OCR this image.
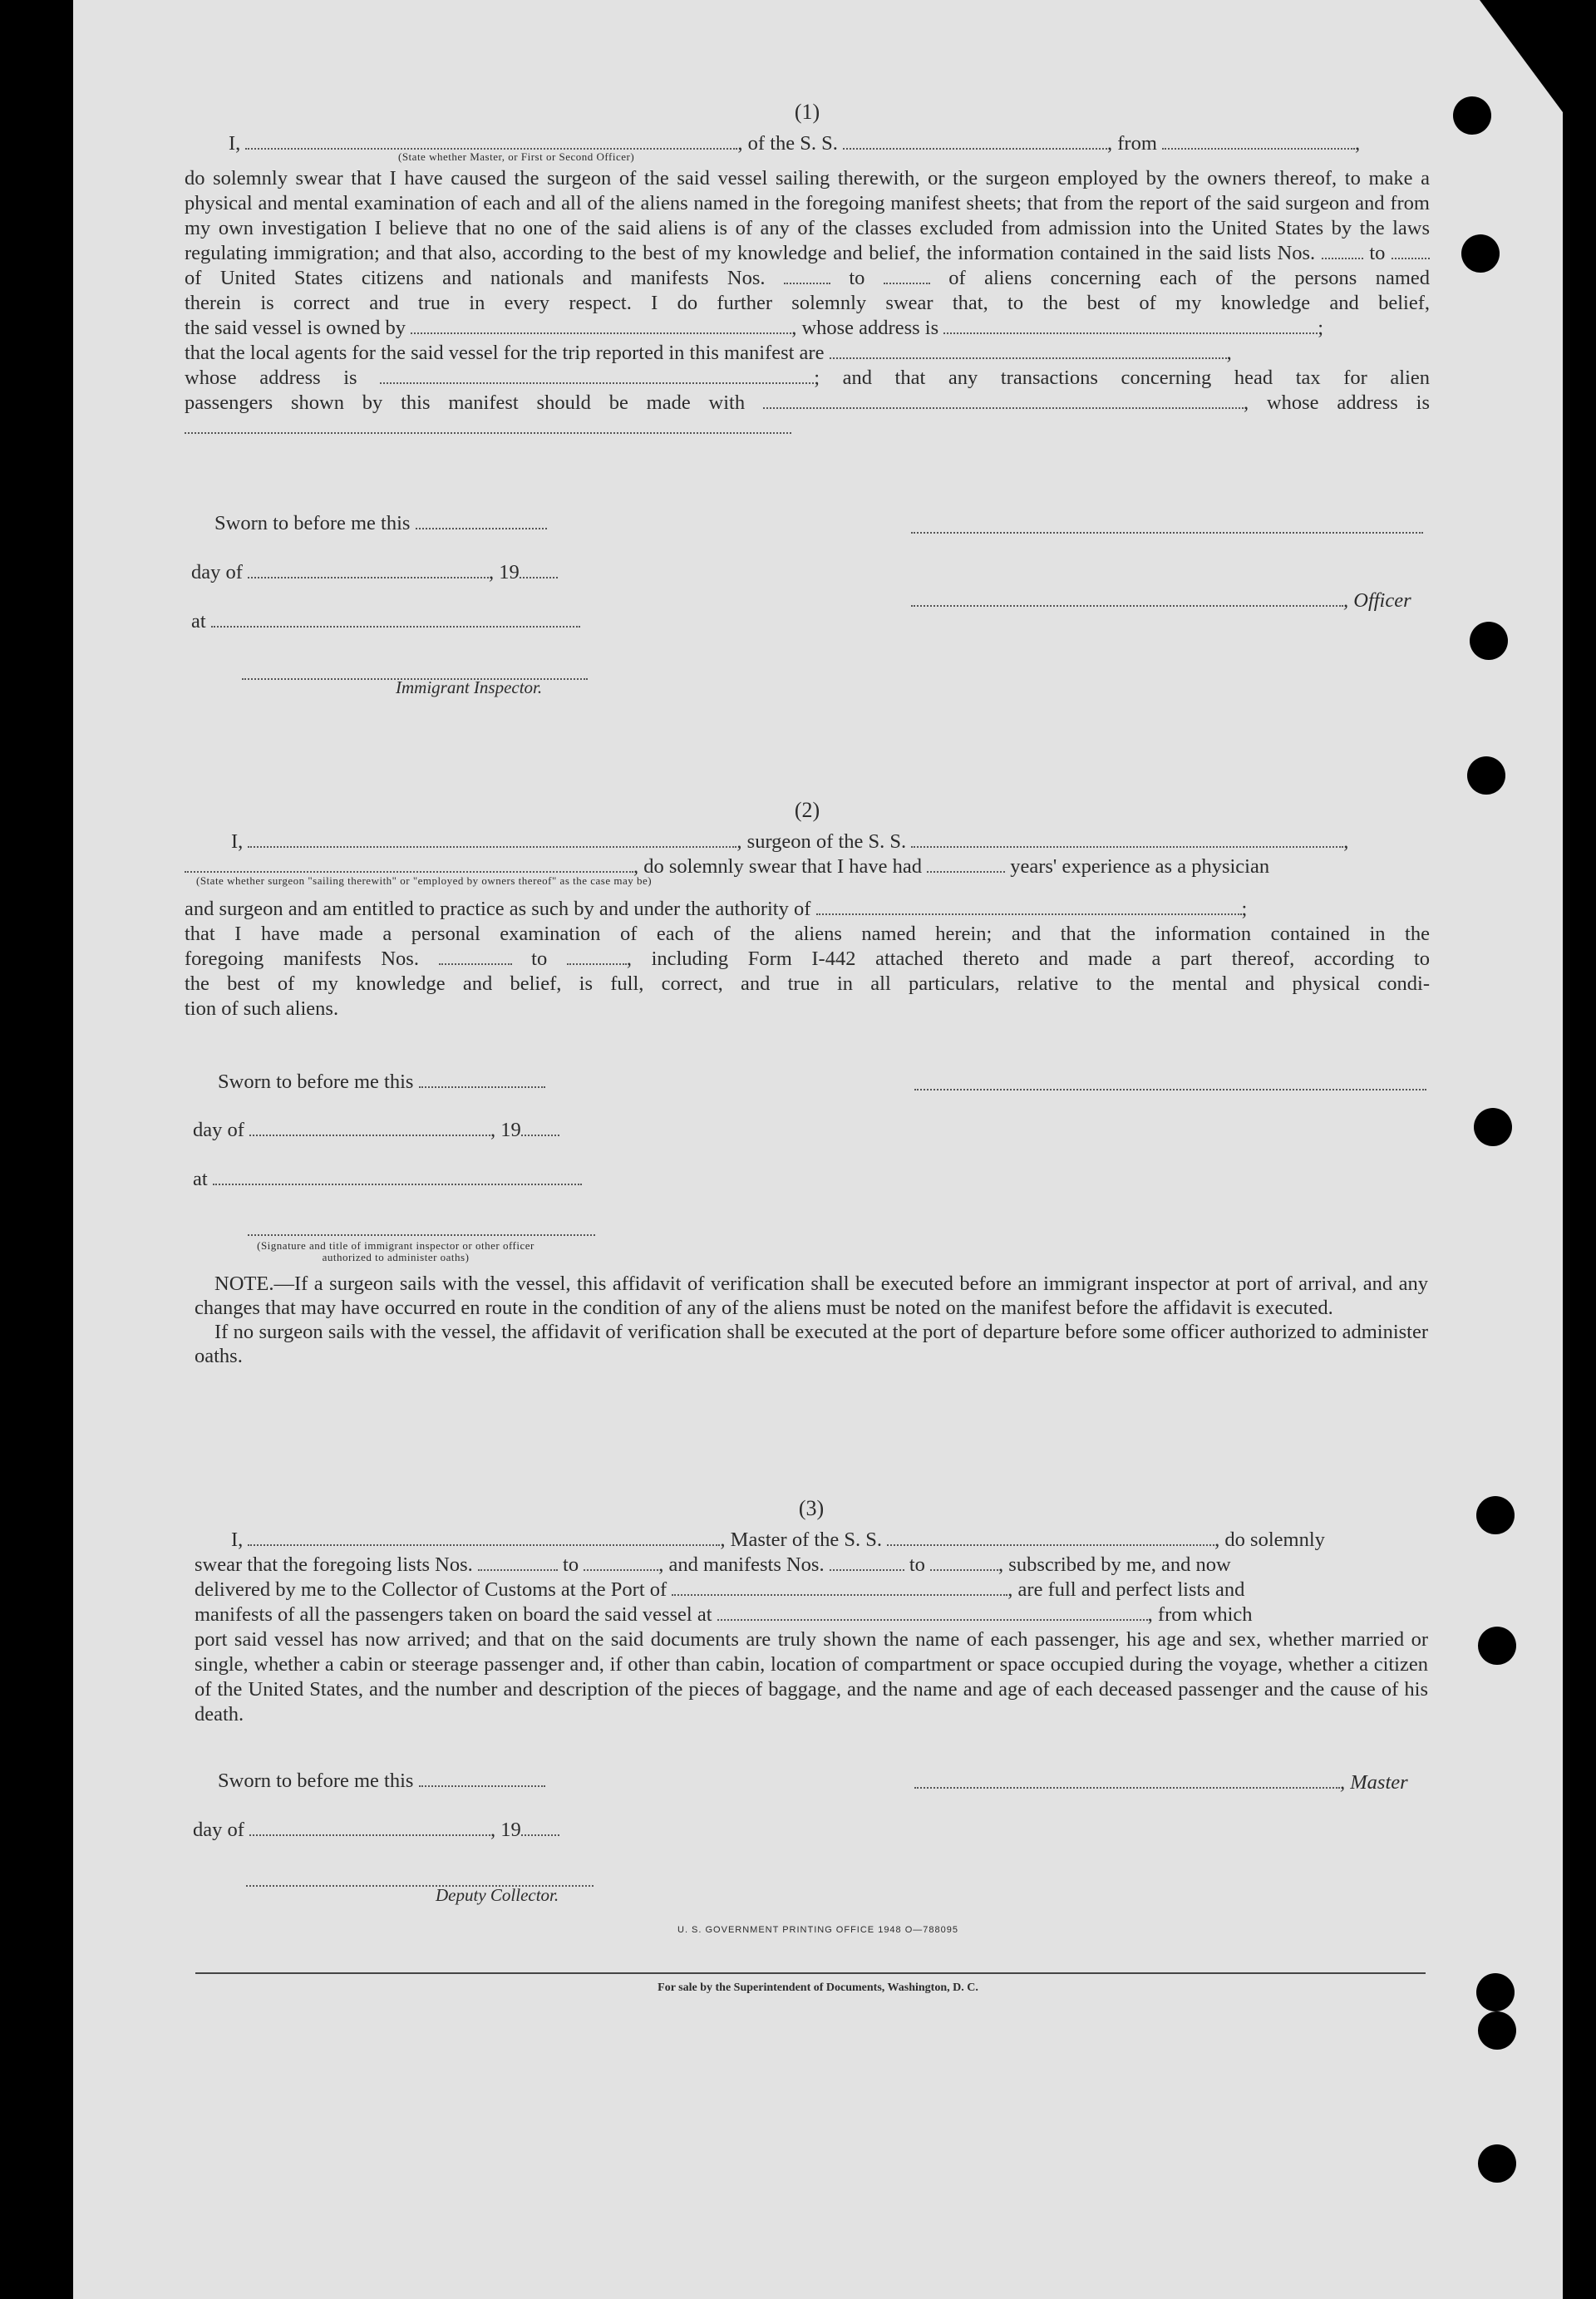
(1)
I,	, of the S. S.	, from	,
(State whether Master, or First or Second Officer)
do solemnly swear that I have caused the surgeon of the said vessel sailing therewith, or the surgeon employed by the owners thereof, to make a physical and mental examination of each and all of the aliens named in the foregoing manifest sheets; that from the report of the said surgeon and from my own investigation I believe that no one of the said aliens is of any of the classes excluded from admission into the United States by the laws regulating immigration; and that also, according to the best of my knowledge and belief, the information contained in the said lists Nos.	to
of United States citizens and nationals and manifests Nos.	to	of aliens concerning each of the persons named
therein is correct and true in every respect. I do further solemnly swear that, to the best of my knowledge and belief,
the said vessel is owned by	, whose address is	;
that the local agents for the said vessel for the trip reported in this manifest are	,
whose address is	; and that any transactions concerning head tax for alien
passengers shown by this manifest should be made with	, whose address is
Sworn to before me this
day of	, 19
at
Immigrant Inspector.
, Officer
(2)
I,	, surgeon of the S. S.	,
, do solemnly swear that I have had	years' experience as a physician
(State whether surgeon "sailing therewith" or "employed by owners thereof" as the case may be)
and surgeon and am entitled to practice as such by and under the authority of	;
that I have made a personal examination of each of the aliens named herein; and that the information contained in the
foregoing manifests Nos.	to	, including Form I-442 attached thereto and made a part thereof, according to
the best of my knowledge and belief, is full, correct, and true in all particulars, relative to the mental and physical condi-
tion of such aliens.
Sworn to before me this
day of	, 19
at
(Signature and title of immigrant inspector or other officer authorized to administer oaths)
NOTE.—If a surgeon sails with the vessel, this affidavit of verification shall be executed before an immigrant inspector at port of arrival, and any changes that may have occurred en route in the condition of any of the aliens must be noted on the manifest before the affidavit is executed.
If no surgeon sails with the vessel, the affidavit of verification shall be executed at the port of departure before some officer authorized to administer oaths.
(3)
I,	, Master of the S. S.	, do solemnly
swear that the foregoing lists Nos.	to	, and manifests Nos.	to	, subscribed by me, and now
delivered by me to the Collector of Customs at the Port of	, are full and perfect lists and
manifests of all the passengers taken on board the said vessel at	, from which
port said vessel has now arrived; and that on the said documents are truly shown the name of each passenger, his age and sex, whether married or single, whether a cabin or steerage passenger and, if other than cabin, location of compartment or space occupied during the voyage, whether a citizen of the United States, and the number and description of the pieces of baggage, and the name and age of each deceased passenger and the cause of his death.
Sworn to before me this	, Master
day of	, 19
Deputy Collector.
U. S. GOVERNMENT PRINTING OFFICE 1948 O—788095
For sale by the Superintendent of Documents, Washington, D. C.
